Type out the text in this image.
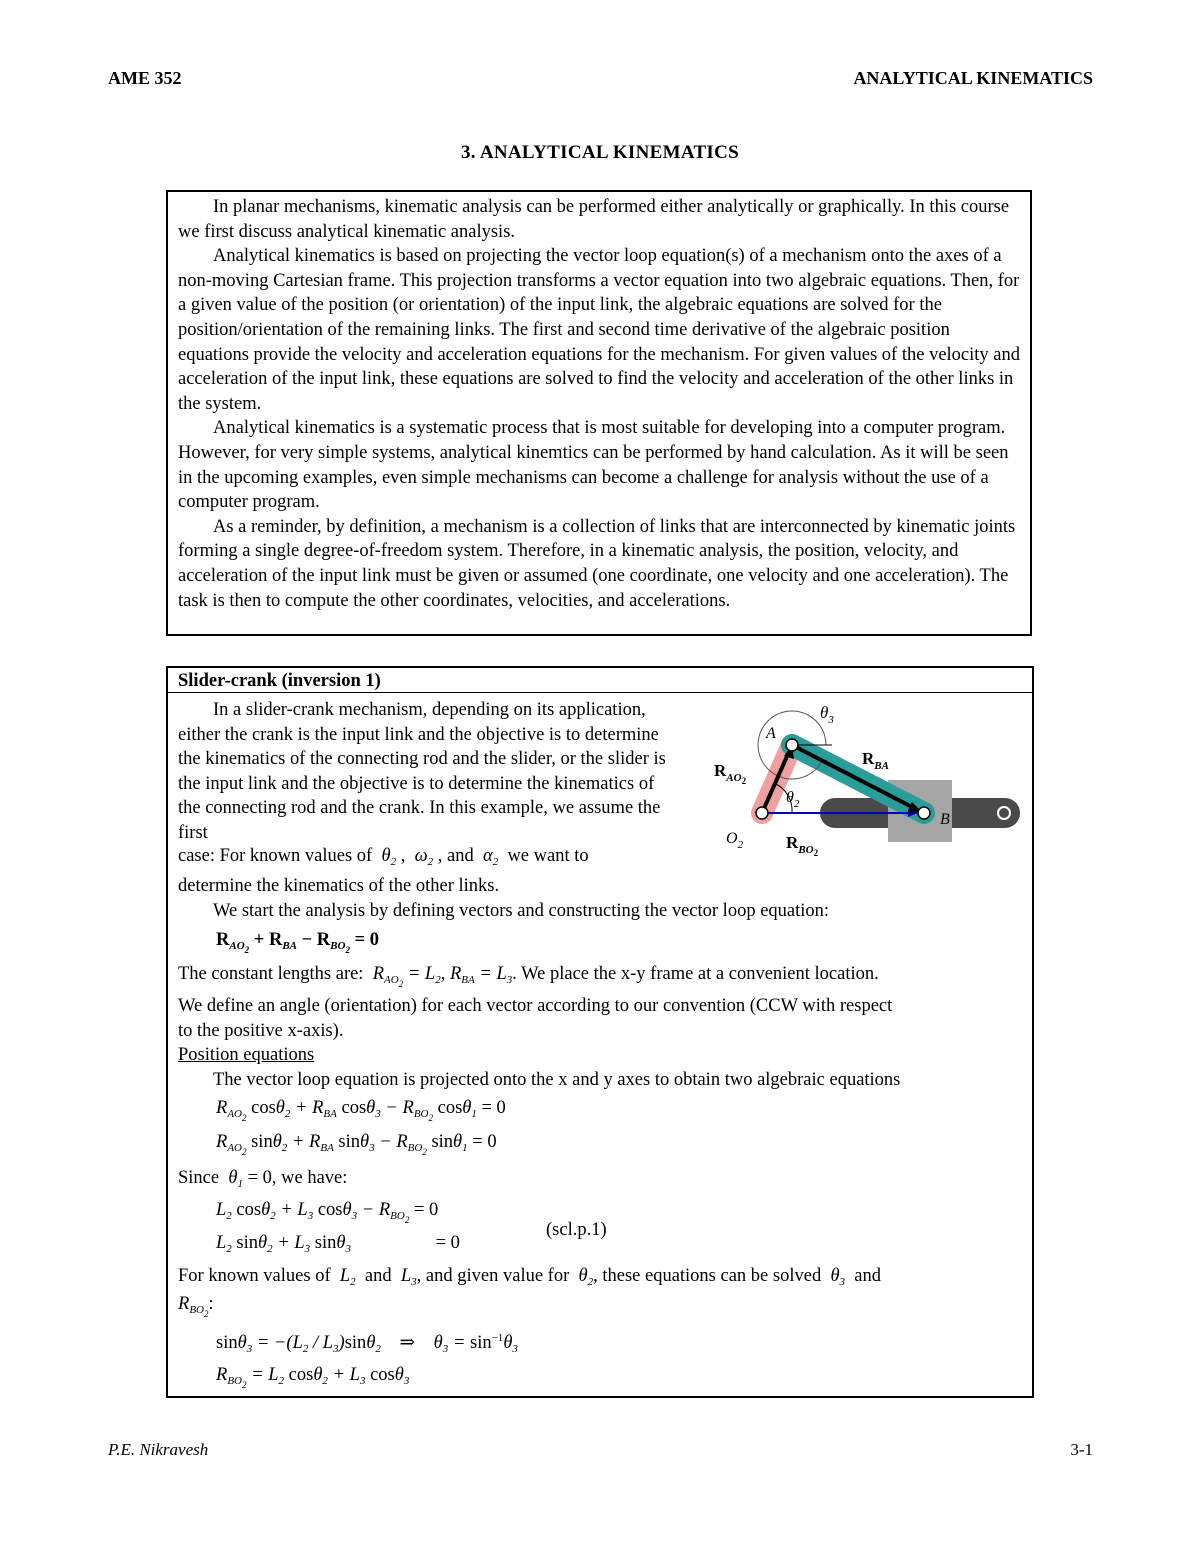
AME 352	ANALYTICAL KINEMATICS
3. ANALYTICAL KINEMATICS

In planar mechanisms, kinematic analysis can be performed either analytically or graphically. In this course we first discuss analytical kinematic analysis.

Analytical kinematics is based on projecting the vector loop equation(s) of a mechanism onto the axes of a non-moving Cartesian frame. This projection transforms a vector equation into two algebraic equations. Then, for a given value of the position (or orientation) of the input link, the algebraic equations are solved for the position/orientation of the remaining links. The first and second time derivative of the algebraic position equations provide the velocity and acceleration equations for the mechanism. For given values of the velocity and acceleration of the input link, these equations are solved to find the velocity and acceleration of the other links in the system.

Analytical kinematics is a systematic process that is most suitable for developing into a computer program. However, for very simple systems, analytical kinemtics can be performed by hand calculation. As it will be seen in the upcoming examples, even simple mechanisms can become a challenge for analysis without the use of a computer program.

As a reminder, by definition, a mechanism is a collection of links that are interconnected by kinematic joints forming a single degree-of-freedom system. Therefore, in a kinematic analysis, the position, velocity, and acceleration of the input link must be given or assumed (one coordinate, one velocity and one acceleration). The task is then to compute the other coordinates, velocities, and accelerations.

Slider-crank (inversion 1)

In a slider-crank mechanism, depending on its application, either the crank is the input link and the objective is to determine the kinematics of the connecting rod and the slider, or the slider is the input link and the objective is to determine the kinematics of the connecting rod and the crank. In this example, we assume the first

case: For known values of  $\theta_2$ ,  $\omega_2$ , and  $\alpha_2$ we want to
determine the kinematics of the other links.
We start the analysis by defining vectors and constructing the vector loop equation:
$R_{AO_2} + R_{BA} - R_{BO_2} = 0$
The constant lengths are:  $R_{AO_2} = L_2$, $R_{BA} = L_3$. We place the x-y frame at a convenient location.
We define an angle (orientation) for each vector according to our convention (CCW with respect
to the positive x-axis).
Position equations
The vector loop equation is projected onto the x and y axes to obtain two algebraic equations
$R_{AO_2}$ $\cos\theta_2 + R_{BA}$ $\cos\theta_3 - R_{BO_2}$ cosθ$_1$ = 0
$R_{AO_2}$ $\sin\theta_2 + R_{BA}$ $\sin\theta_3 - R_{BO_2}$ sinθ$_1$ = 0
Since  $\theta_1 = 0$, we have:
$L_2$ $\cos\theta_2 + L_3$ $\cos\theta_3 - R_{BO_2} = 0$
$L_2$ $\sin\theta_2 + L_3$ sinθ$_3$	= 0
(scl.p.1)
For known values of  $L_2$ and  $L_3$, and given value for  $\theta_2$, these equations can be solved  $\theta_3$ and
$R_{BO_2}$:
$\sin\theta_3 = -(L_2 / L_3)\sin\theta_2$ ⇒ $\theta_3 = \sin^{-1}\theta_3$
$R_{BO_2} = L_2$ $\cos\theta_2 + L_3$ cosθ$_3$
A
B
$O_2$
$R_{AO}2$
$\theta_3$
$\theta_2$
$R_{BA}$
$R_{BO}2$
P.E. Nikravesh	3-1
